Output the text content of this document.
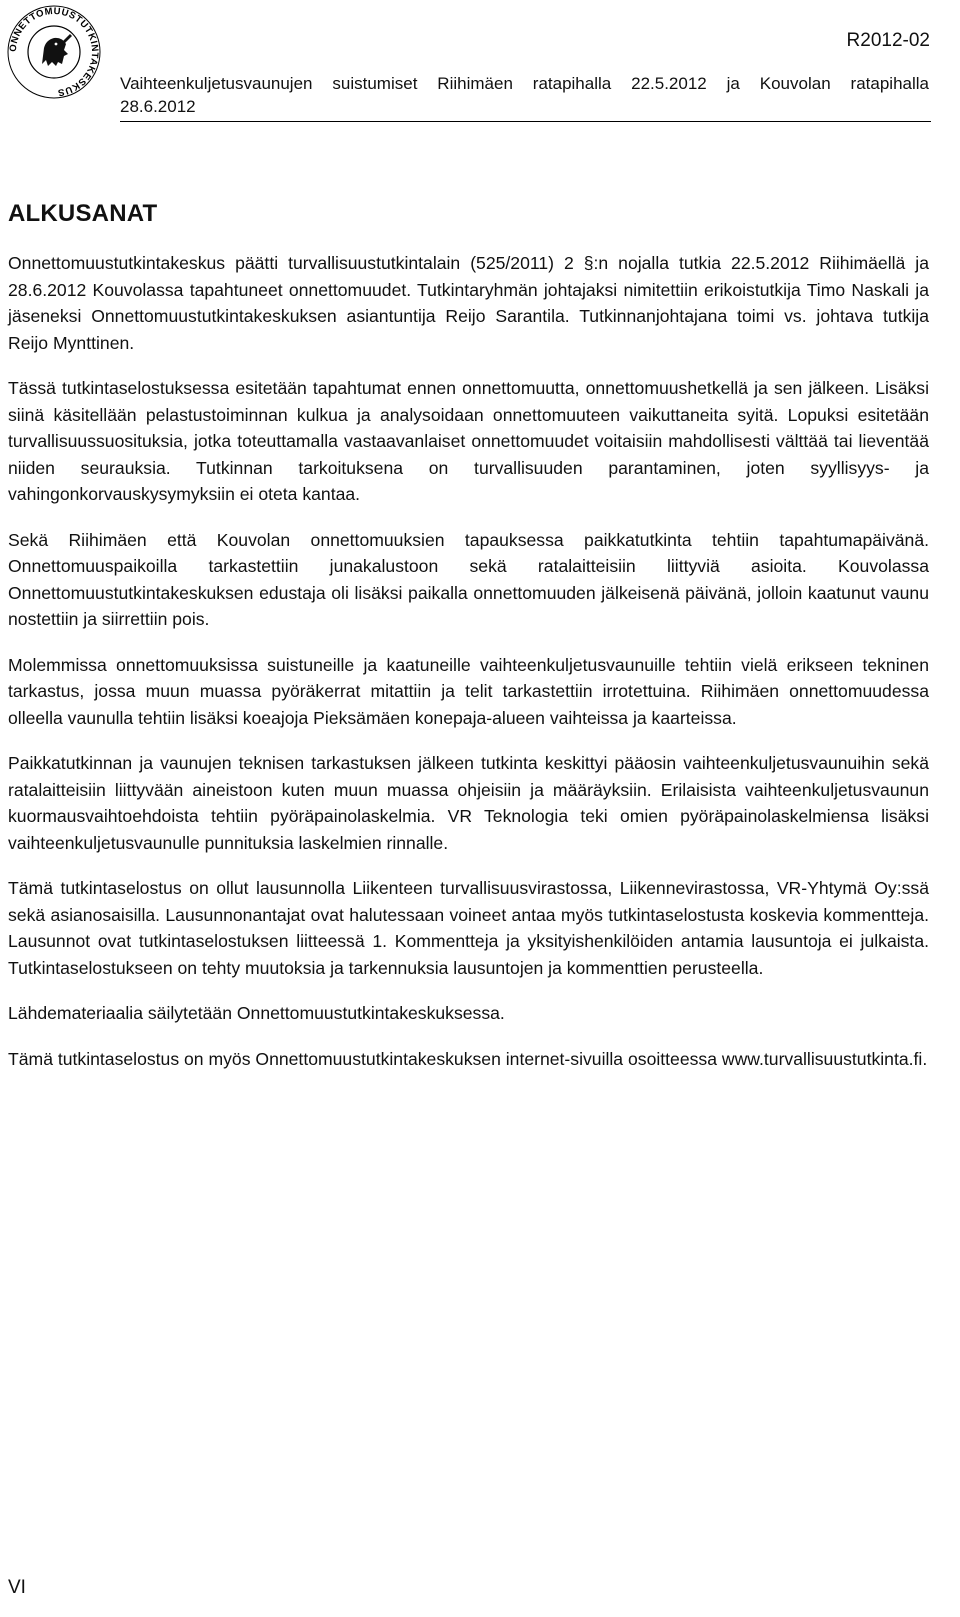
ONNETTOMUUSTUTKINTAKESKUS
R2012-02
Vaihteenkuljetusvaunujen suistumiset Riihimäen ratapihalla 22.5.2012 ja Kouvolan ratapihalla
28.6.2012
ALKUSANAT

Onnettomuustutkintakeskus päätti turvallisuustutkintalain (525/2011) 2 §:n nojalla tutkia 22.5.2012 Riihimäellä ja 28.6.2012 Kouvolassa tapahtuneet onnettomuudet. Tutkintaryhmän johtajaksi nimitettiin erikoistutkija Timo Naskali ja jäseneksi Onnettomuustutkintakeskuksen asiantuntija Reijo Sarantila. Tutkinnanjohtajana toimi vs. johtava tutkija Reijo Mynttinen.

Tässä tutkintaselostuksessa esitetään tapahtumat ennen onnettomuutta, onnettomuushetkellä ja sen jälkeen. Lisäksi siinä käsitellään pelastustoiminnan kulkua ja analysoidaan onnettomuuteen vaikuttaneita syitä. Lopuksi esitetään turvallisuussuosituksia, jotka toteuttamalla vastaavanlaiset onnettomuudet voitaisiin mahdollisesti välttää tai lieventää niiden seurauksia. Tutkinnan tarkoituksena on turvallisuuden parantaminen, joten syyllisyys- ja vahingonkorvauskysymyksiin ei oteta kantaa.

Sekä Riihimäen että Kouvolan onnettomuuksien tapauksessa paikkatutkinta tehtiin tapahtumapäivänä. Onnettomuuspaikoilla tarkastettiin junakalustoon sekä ratalaitteisiin liittyviä asioita. Kouvolassa Onnettomuustutkintakeskuksen edustaja oli lisäksi paikalla onnettomuuden jälkeisenä päivänä, jolloin kaatunut vaunu nostettiin ja siirrettiin pois.

Molemmissa onnettomuuksissa suistuneille ja kaatuneille vaihteenkuljetusvaunuille tehtiin vielä erikseen tekninen tarkastus, jossa muun muassa pyöräkerrat mitattiin ja telit tarkastettiin irrotettuina. Riihimäen onnettomuudessa olleella vaunulla tehtiin lisäksi koeajoja Pieksämäen konepaja-alueen vaihteissa ja kaarteissa.

Paikkatutkinnan ja vaunujen teknisen tarkastuksen jälkeen tutkinta keskittyi pääosin vaihteenkuljetusvaunuihin sekä ratalaitteisiin liittyvään aineistoon kuten muun muassa ohjeisiin ja määräyksiin. Erilaisista vaihteenkuljetusvaunun kuormausvaihtoehdoista tehtiin pyöräpainolaskelmia. VR Teknologia teki omien pyöräpainolaskelmiensa lisäksi vaihteenkuljetusvaunulle punnituksia laskelmien rinnalle.

Tämä tutkintaselostus on ollut lausunnolla Liikenteen turvallisuusvirastossa, Liikennevirastossa, VR-Yhtymä Oy:ssä sekä asianosaisilla. Lausunnonantajat ovat halutessaan voineet antaa myös tutkintaselostusta koskevia kommentteja. Lausunnot ovat tutkintaselostuksen liitteessä 1. Kommentteja ja yksityishenkilöiden antamia lausuntoja ei julkaista. Tutkintaselostukseen on tehty muutoksia ja tarkennuksia lausuntojen ja kommenttien perusteella.

Lähdemateriaalia säilytetään Onnettomuustutkintakeskuksessa.

Tämä tutkintaselostus on myös Onnettomuustutkintakeskuksen internet-sivuilla osoitteessa www.turvallisuustutkinta.fi.

VI
